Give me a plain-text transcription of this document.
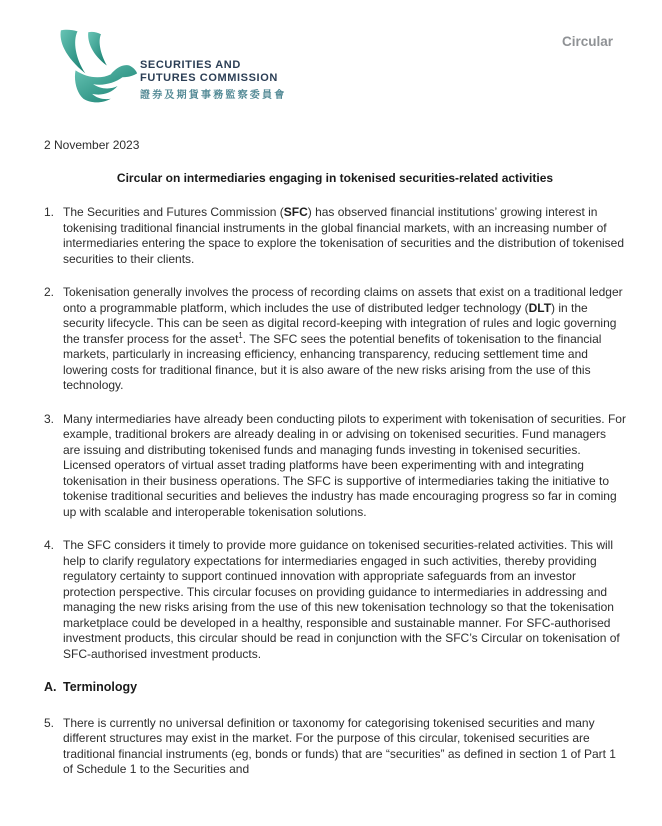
SECURITIES AND
FUTURES COMMISSION
證券及期貨事務監察委員會
Circular

2 November 2023

Circular on intermediaries engaging in tokenised securities-related activities
1. The Securities and Futures Commission (SFC) has observed financial institutions’ growing interest in tokenising traditional financial instruments in the global financial markets, with an increasing number of intermediaries entering the space to explore the tokenisation of securities and the distribution of tokenised securities to their clients.
2. Tokenisation generally involves the process of recording claims on assets that exist on a traditional ledger onto a programmable platform, which includes the use of distributed ledger technology (DLT) in the security lifecycle. This can be seen as digital record-keeping with integration of rules and logic governing the transfer process for the asset$^1$. The SFC sees the potential benefits of tokenisation to the financial markets, particularly in increasing efficiency, enhancing transparency, reducing settlement time and lowering costs for traditional finance, but it is also aware of the new risks arising from the use of this technology.
3. Many intermediaries have already been conducting pilots to experiment with tokenisation of securities. For example, traditional brokers are already dealing in or advising on tokenised securities. Fund managers are issuing and distributing tokenised funds and managing funds investing in tokenised securities. Licensed operators of virtual asset trading platforms have been experimenting with and integrating tokenisation in their business operations. The SFC is supportive of intermediaries taking the initiative to tokenise traditional securities and believes the industry has made encouraging progress so far in coming up with scalable and interoperable tokenisation solutions.
4. The SFC considers it timely to provide more guidance on tokenised securities-related activities. This will help to clarify regulatory expectations for intermediaries engaged in such activities, thereby providing regulatory certainty to support continued innovation with appropriate safeguards from an investor protection perspective. This circular focuses on providing guidance to intermediaries in addressing and managing the new risks arising from the use of this new tokenisation technology so that the tokenisation marketplace could be developed in a healthy, responsible and sustainable manner. For SFC-authorised investment products, this circular should be read in conjunction with the SFC’s Circular on tokenisation of SFC-authorised investment products.
A. Terminology
5. There is currently no universal definition or taxonomy for categorising tokenised securities and many different structures may exist in the market. For the purpose of this circular, tokenised securities are traditional financial instruments (eg, bonds or funds) that are “securities” as defined in section 1 of Part 1 of Schedule 1 to the Securities and
